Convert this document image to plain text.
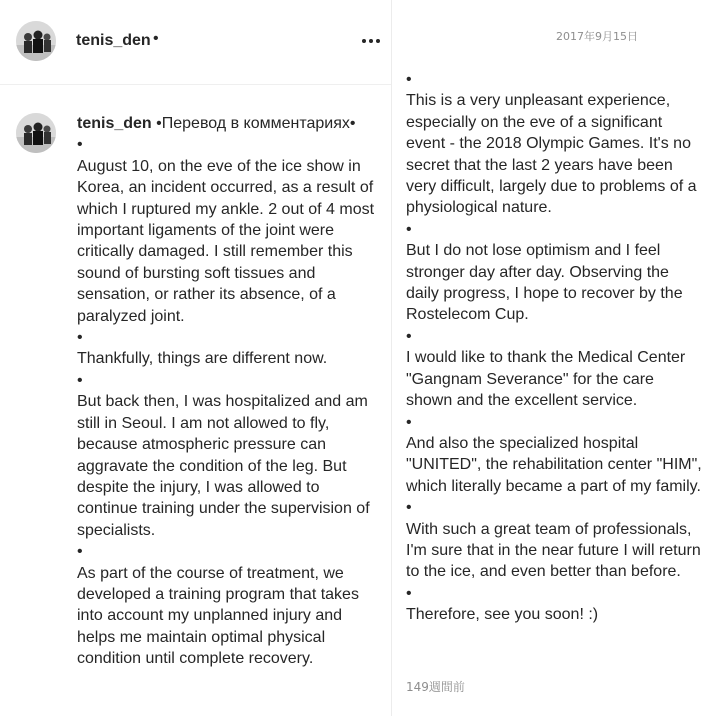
tenis_den •

tenis_den •Перевод в комментариях•

•

August 10, on the eve of the ice show in Korea, an incident occurred, as a result of which I ruptured my ankle. 2 out of 4 most important ligaments of the joint were critically damaged. I still remember this sound of bursting soft tissues and sensation, or rather its absence, of a paralyzed joint.

•

Thankfully, things are different now.

•

But back then, I was hospitalized and am still in Seoul. I am not allowed to fly, because atmospheric pressure can aggravate the condition of the leg. But despite the injury, I was allowed to continue training under the supervision of specialists.

•

As part of the course of treatment, we developed a training program that takes into account my unplanned injury and helps me maintain optimal physical condition until complete recovery.

2017年9月15日

•

This is a very unpleasant experience, especially on the eve of a significant event - the 2018 Olympic Games. It's no secret that the last 2 years have been very difficult, largely due to problems of a physiological nature.

•

But I do not lose optimism and I feel stronger day after day. Observing the daily progress, I hope to recover by the Rostelecom Cup.

•

I would like to thank the Medical Center "Gangnam Severance" for the care shown and the excellent service.

•

And also the specialized hospital "UNITED", the rehabilitation center "HIM", which literally became a part of my family.

•

With such a great team of professionals, I'm sure that in the near future I will return to the ice, and even better than before.

•

Therefore, see you soon! :)

149週間前
